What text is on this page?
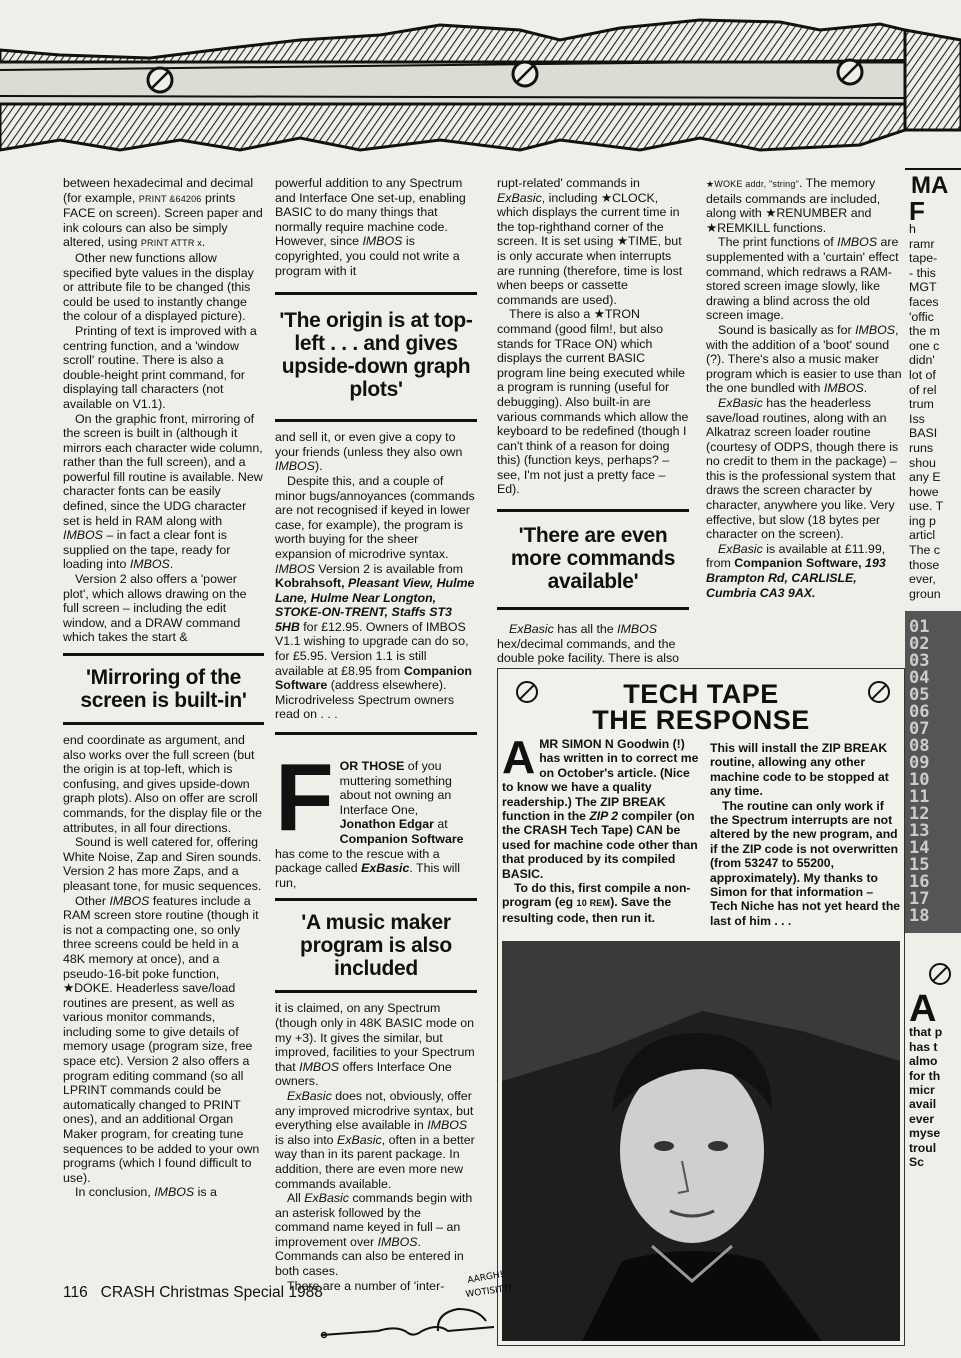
between hexadecimal and decimal (for example, PRINT &64206 prints FACE on screen). Screen paper and ink colours can also be simply altered, using PRINT ATTR x.

Other new functions allow specified byte values in the display or attribute file to be changed (this could be used to instantly change the colour of a displayed picture).

Printing of text is improved with a centring function, and a 'window scroll' routine. There is also a double-height print command, for displaying tall characters (not available on V1.1).

On the graphic front, mirroring of the screen is built in (although it mirrors each character wide column, rather than the full screen), and a powerful fill routine is available. New character fonts can be easily defined, since the UDG character set is held in RAM along with IMBOS – in fact a clear font is supplied on the tape, ready for loading into IMBOS.

Version 2 also offers a 'power plot', which allows drawing on the full screen – including the edit window, and a DRAW command which takes the start &

'Mirroring of the screen is built-in'

end coordinate as argument, and also works over the full screen (but the origin is at top-left, which is confusing, and gives upside-down graph plots). Also on offer are scroll commands, for the display file or the attributes, in all four directions.

Sound is well catered for, offering White Noise, Zap and Siren sounds. Version 2 has more Zaps, and a pleasant tone, for music sequences.

Other IMBOS features include a RAM screen store routine (though it is not a compacting one, so only three screens could be held in a 48K memory at once), and a pseudo-16-bit poke function, ★DOKE. Headerless save/load routines are present, as well as various monitor commands, including some to give details of memory usage (program size, free space etc). Version 2 also offers a program editing command (so all LPRINT commands could be automatically changed to PRINT ones), and an additional Organ Maker program, for creating tune sequences to be added to your own programs (which I found difficult to use).

In conclusion, IMBOS is a

powerful addition to any Spectrum and Interface One set-up, enabling BASIC to do many things that normally require machine code. However, since IMBOS is copyrighted, you could not write a program with it

'The origin is at top-left . . . and gives upside-down graph plots'

and sell it, or even give a copy to your friends (unless they also own IMBOS).

Despite this, and a couple of minor bugs/annoyances (commands are not recognised if keyed in lower case, for example), the program is worth buying for the sheer expansion of microdrive syntax. IMBOS Version 2 is available from Kobrahsoft, Pleasant View, Hulme Lane, Hulme Near Longton, STOKE-ON-TRENT, Staffs ST3 5HB for £12.95. Owners of IMBOS V1.1 wishing to upgrade can do so, for £5.95. Version 1.1 is still available at £8.95 from Companion Software (address elsewhere). Microdriveless Spectrum owners read on . . .

FOR THOSE of you muttering something about not owning an Interface One, Jonathon Edgar at Companion Software has come to the rescue with a package called ExBasic. This will run,

'A music maker program is also included

it is claimed, on any Spectrum (though only in 48K BASIC mode on my +3). It gives the similar, but improved, facilities to your Spectrum that IMBOS offers Interface One owners.

ExBasic does not, obviously, offer any improved microdrive syntax, but everything else available in IMBOS is also into ExBasic, often in a better way than in its parent package. In addition, there are even more new commands available.

All ExBasic commands begin with an asterisk followed by the command name keyed in full – an improvement over IMBOS. Commands can also be entered in both cases.

There are a number of 'inter-

rupt-related' commands in ExBasic, including ★CLOCK, which displays the current time in the top-righthand corner of the screen. It is set using ★TIME, but is only accurate when interrupts are running (therefore, time is lost when beeps or cassette commands are used).

There is also a ★TRON command (good film!, but also stands for TRace ON) which displays the current BASIC program line being executed while a program is running (useful for debugging). Also built-in are various commands which allow the keyboard to be redefined (though I can't think of a reason for doing this) (function keys, perhaps? – see, I'm not just a pretty face – Ed).

'There are even more commands available'

ExBasic has all the IMBOS hex/decimal commands, and the double poke facility. There is also

★WOKE addr, "string". The memory details commands are included, along with ★RENUMBER and ★REMKILL functions.

The print functions of IMBOS are supplemented with a 'curtain' effect command, which redraws a RAM-stored screen image slowly, like drawing a blind across the old screen image.

Sound is basically as for IMBOS, with the addition of a 'boot' sound (?). There's also a music maker program which is easier to use than the one bundled with IMBOS.

ExBasic has the headerless save/load routines, along with an Alkatraz screen loader routine (courtesy of ODPS, though there is no credit to them in the package) – this is the professional system that draws the screen character by character, anywhere you like. Very effective, but slow (18 bytes per character on the screen).

ExBasic is available at £11.99, from Companion Software, 193 Brampton Rd, CARLISLE, Cumbria CA3 9AX.

TECH TAPE
THE RESPONSE

AMR SIMON N Goodwin (!) has written in to correct me on October's article. (Nice to know we have a quality readership.) The ZIP BREAK function in the ZIP 2 compiler (on the CRASH Tech Tape) CAN be used for machine code other than that produced by its compiled BASIC.

To do this, first compile a non-program (eg 10 REM). Save the resulting code, then run it.

This will install the ZIP BREAK routine, allowing any other machine code to be stopped at any time.

The routine can only work if the Spectrum interrupts are not altered by the new program, and if the ZIP code is not overwritten (from 53247 to 55200, approximately). My thanks to Simon for that information – Tech Niche has not yet heard the last of him . . .

MA
F
h
ramr
tape-
- this
MGT
faces
'offic
the m
one c
didn'
lot of
of rel
trum
Iss
BASI
runs
shou
any E
howe
use. T
ing p
articl
The c
those
ever,
groun
01
02
03
04
05
06
07
08
09
10
11
12
13
14
15
16
17
18
A
that p
has t
almo
for th
micr
avail
ever
myse
troul
Sc
116 CRASH Christmas Special 1988
AARGH!
WOTISIT?!
